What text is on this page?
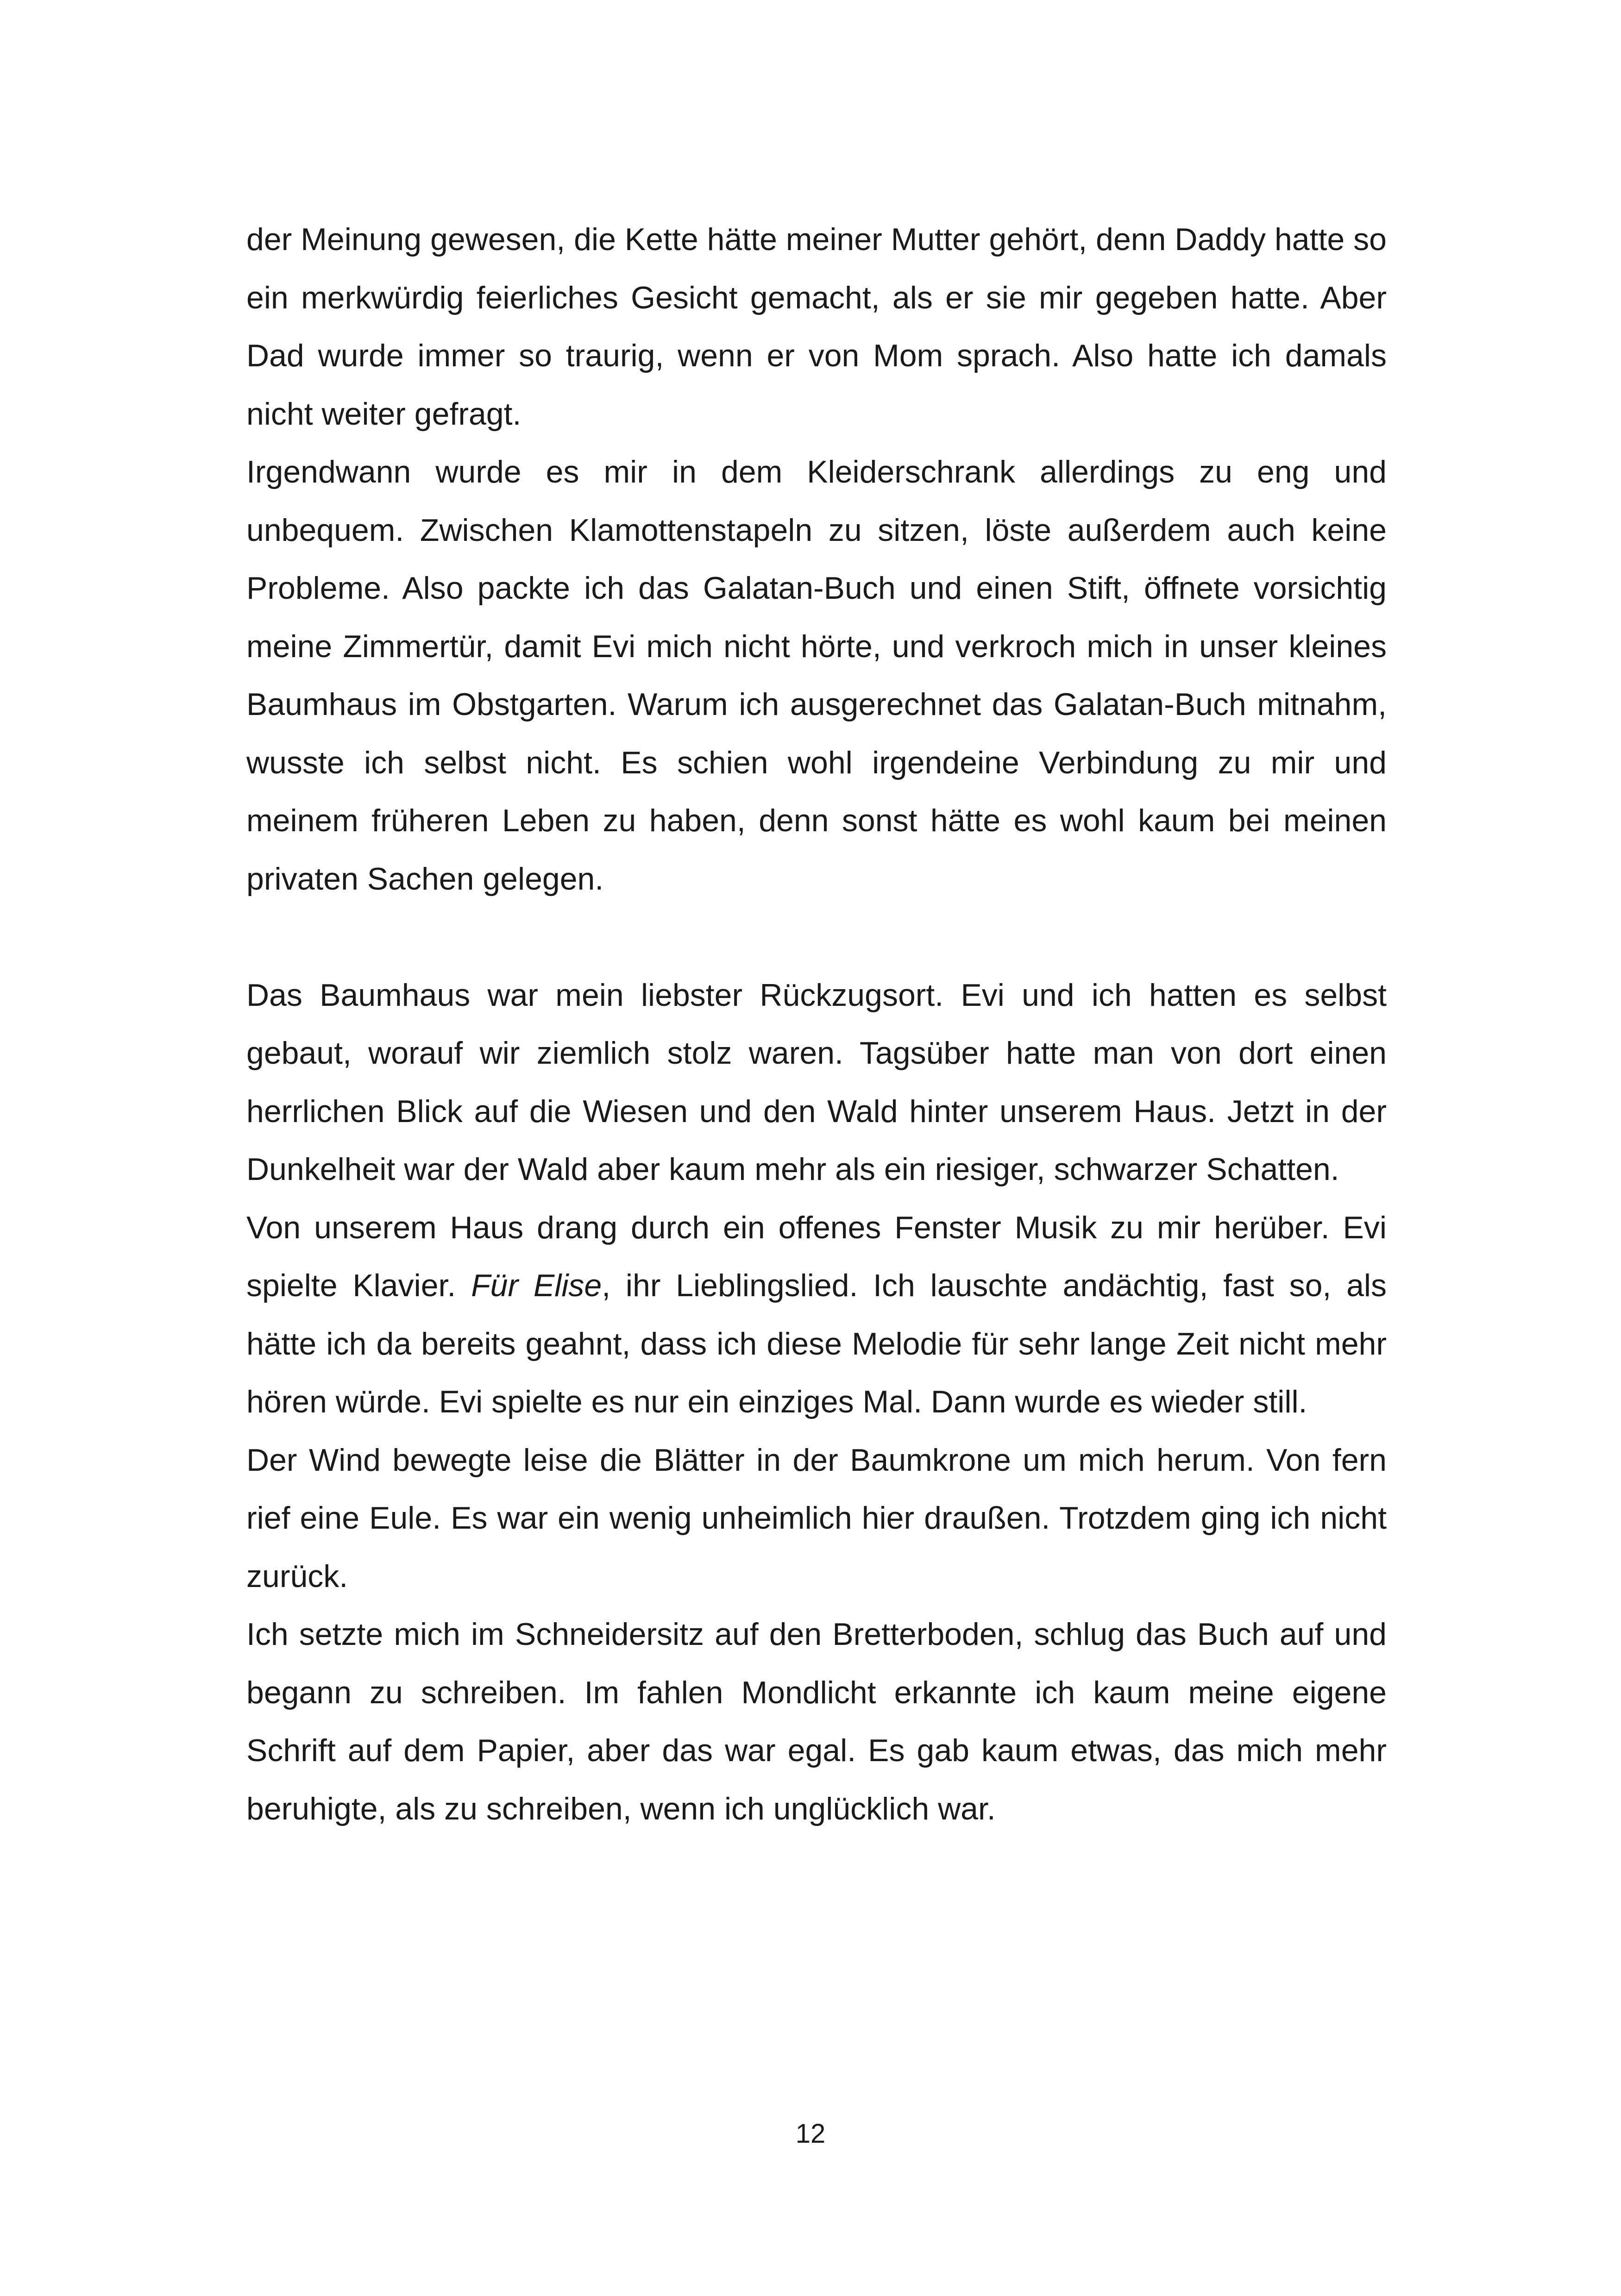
der Meinung gewesen, die Kette hätte meiner Mutter gehört, denn Daddy hatte so ein merkwürdig feierliches Gesicht gemacht, als er sie mir gegeben hatte. Aber Dad wurde immer so traurig, wenn er von Mom sprach. Also hatte ich damals nicht weiter gefragt.

Irgendwann wurde es mir in dem Kleiderschrank allerdings zu eng und unbequem. Zwischen Klamottenstapeln zu sitzen, löste außerdem auch keine Probleme. Also packte ich das Galatan-Buch und einen Stift, öffnete vorsichtig meine Zimmertür, damit Evi mich nicht hörte, und verkroch mich in unser kleines Baumhaus im Obstgarten. Warum ich ausgerechnet das Galatan-Buch mitnahm, wusste ich selbst nicht. Es schien wohl irgendeine Verbindung zu mir und meinem früheren Leben zu haben, denn sonst hätte es wohl kaum bei meinen privaten Sachen gelegen.

Das Baumhaus war mein liebster Rückzugsort. Evi und ich hatten es selbst gebaut, worauf wir ziemlich stolz waren. Tagsüber hatte man von dort einen herrlichen Blick auf die Wiesen und den Wald hinter unserem Haus. Jetzt in der Dunkelheit war der Wald aber kaum mehr als ein riesiger, schwarzer Schatten.

Von unserem Haus drang durch ein offenes Fenster Musik zu mir herüber. Evi spielte Klavier. Für Elise, ihr Lieblingslied. Ich lauschte andächtig, fast so, als hätte ich da bereits geahnt, dass ich diese Melodie für sehr lange Zeit nicht mehr hören würde. Evi spielte es nur ein einziges Mal. Dann wurde es wieder still.

Der Wind bewegte leise die Blätter in der Baumkrone um mich herum. Von fern rief eine Eule. Es war ein wenig unheimlich hier draußen. Trotzdem ging ich nicht zurück.

Ich setzte mich im Schneidersitz auf den Bretterboden, schlug das Buch auf und begann zu schreiben. Im fahlen Mondlicht erkannte ich kaum meine eigene Schrift auf dem Papier, aber das war egal. Es gab kaum etwas, das mich mehr beruhigte, als zu schreiben, wenn ich unglücklich war.

12
